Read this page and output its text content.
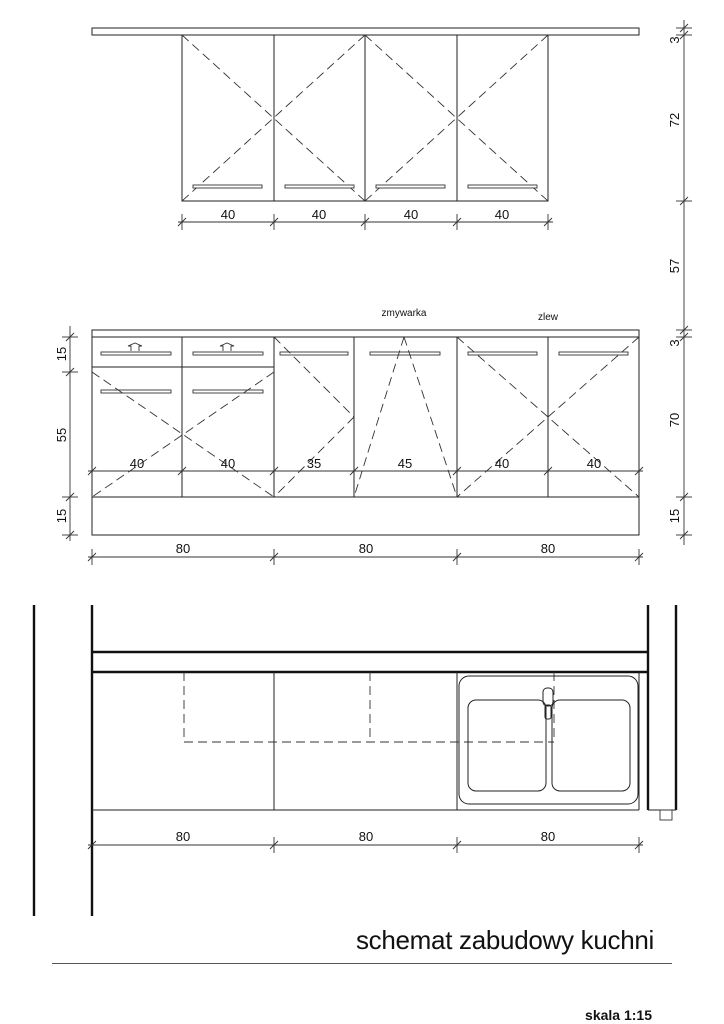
40	40	40	40
3
72
57
3
70
15
zmywarka	zlew
40	40	35	45	40	40
15
55
15
80	80	80
80	80	80
schemat zabudowy kuchni
skala 1:15
